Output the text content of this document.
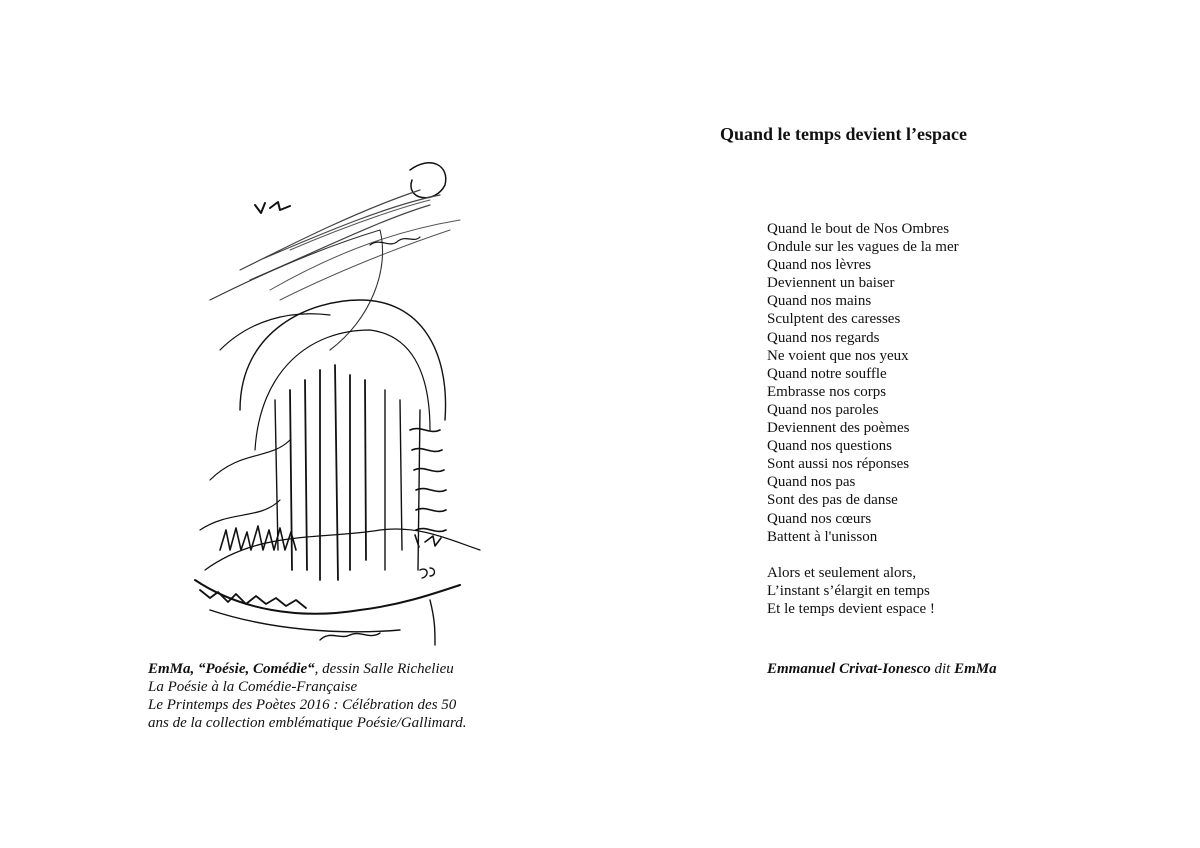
EmMa, “Poésie, Comédie“, dessin Salle Richelieu
La Poésie à la Comédie-Française
Le Printemps des Poètes 2016 : Célébration des 50
ans de la collection emblématique Poésie/Gallimard.
Quand le temps devient l’espace
Quand le bout de Nos Ombres
Ondule sur les vagues de la mer
Quand nos lèvres
Deviennent un baiser
Quand nos mains
Sculptent des caresses
Quand nos regards
Ne voient que nos yeux
Quand notre souffle
Embrasse nos corps
Quand nos paroles
Deviennent des poèmes
Quand nos questions
Sont aussi nos réponses
Quand nos pas
Sont des pas de danse
Quand nos cœurs
Battent à l'unisson
Alors et seulement alors,
L’instant s’élargit en temps
Et le temps devient espace !
Emmanuel Crivat-Ionesco dit EmMa
